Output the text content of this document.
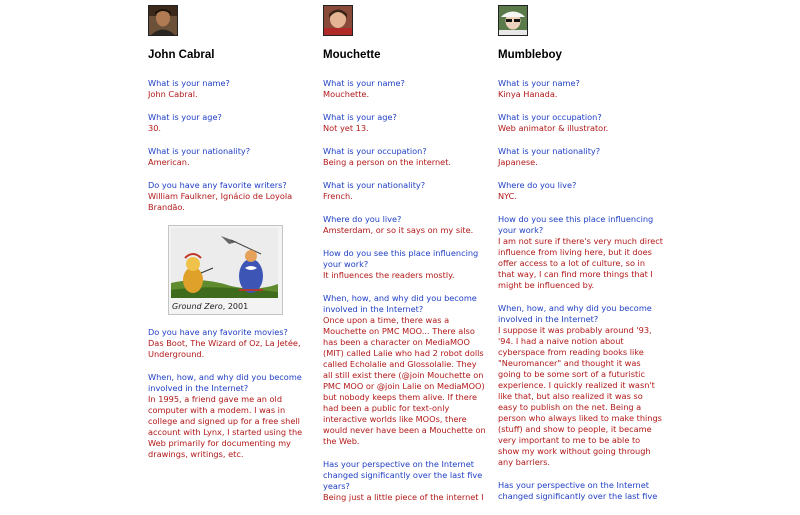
John Cabral
What is your name?
John Cabral.
What is your age?
30.
What is your nationality?
American.
Do you have any favorite writers?
William Faulkner, Ignácio de Loyola Brandão.
Ground Zero, 2001
Do you have any favorite movies?
Das Boot, The Wizard of Oz, La Jetée, Underground.
When, how, and why did you become involved in the Internet?
In 1995, a friend gave me an old computer with a modem. I was in college and signed up for a free shell account with Lynx, I started using the Web primarily for documenting my drawings, writings, etc.
Mouchette
What is your name?
Mouchette.
What is your age?
Not yet 13.
What is your occupation?
Being a person on the internet.
What is your nationality?
French.
Where do you live?
Amsterdam, or so it says on my site.
How do you see this place influencing your work?
It influences the readers mostly.
When, how, and why did you become involved in the Internet?
Once upon a time, there was a Mouchette on PMC MOO... There also has been a character on MediaMOO (MIT) called Lalie who had 2 robot dolls called Echolalie and Glossolalie. They all still exist there (@join Mouchette on PMC MOO or @join Lalie on MediaMOO) but nobody keeps them alive. If there had been a public for text-only interactive worlds like MOOs, there would never have been a Mouchette on the Web.
Has your perspective on the Internet changed significantly over the last five years?
Being just a little piece of the internet I
Mumbleboy
What is your name?
Kinya Hanada.
What is your occupation?
Web animator & illustrator.
What is your nationality?
Japanese.
Where do you live?
NYC.
How do you see this place influencing your work?
I am not sure if there's very much direct influence from living here, but it does offer access to a lot of culture, so in that way, I can find more things that I might be influenced by.
When, how, and why did you become involved in the Internet?
I suppose it was probably around '93, '94. I had a naive notion about cyberspace from reading books like "Neuromancer" and thought it was going to be some sort of a futuristic experience. I quickly realized it wasn't like that, but also realized it was so easy to publish on the net. Being a person who always liked to make things (stuff) and show to people, it became very important to me to be able to show my work without going through any barriers.
Has your perspective on the Internet changed significantly over the last five
